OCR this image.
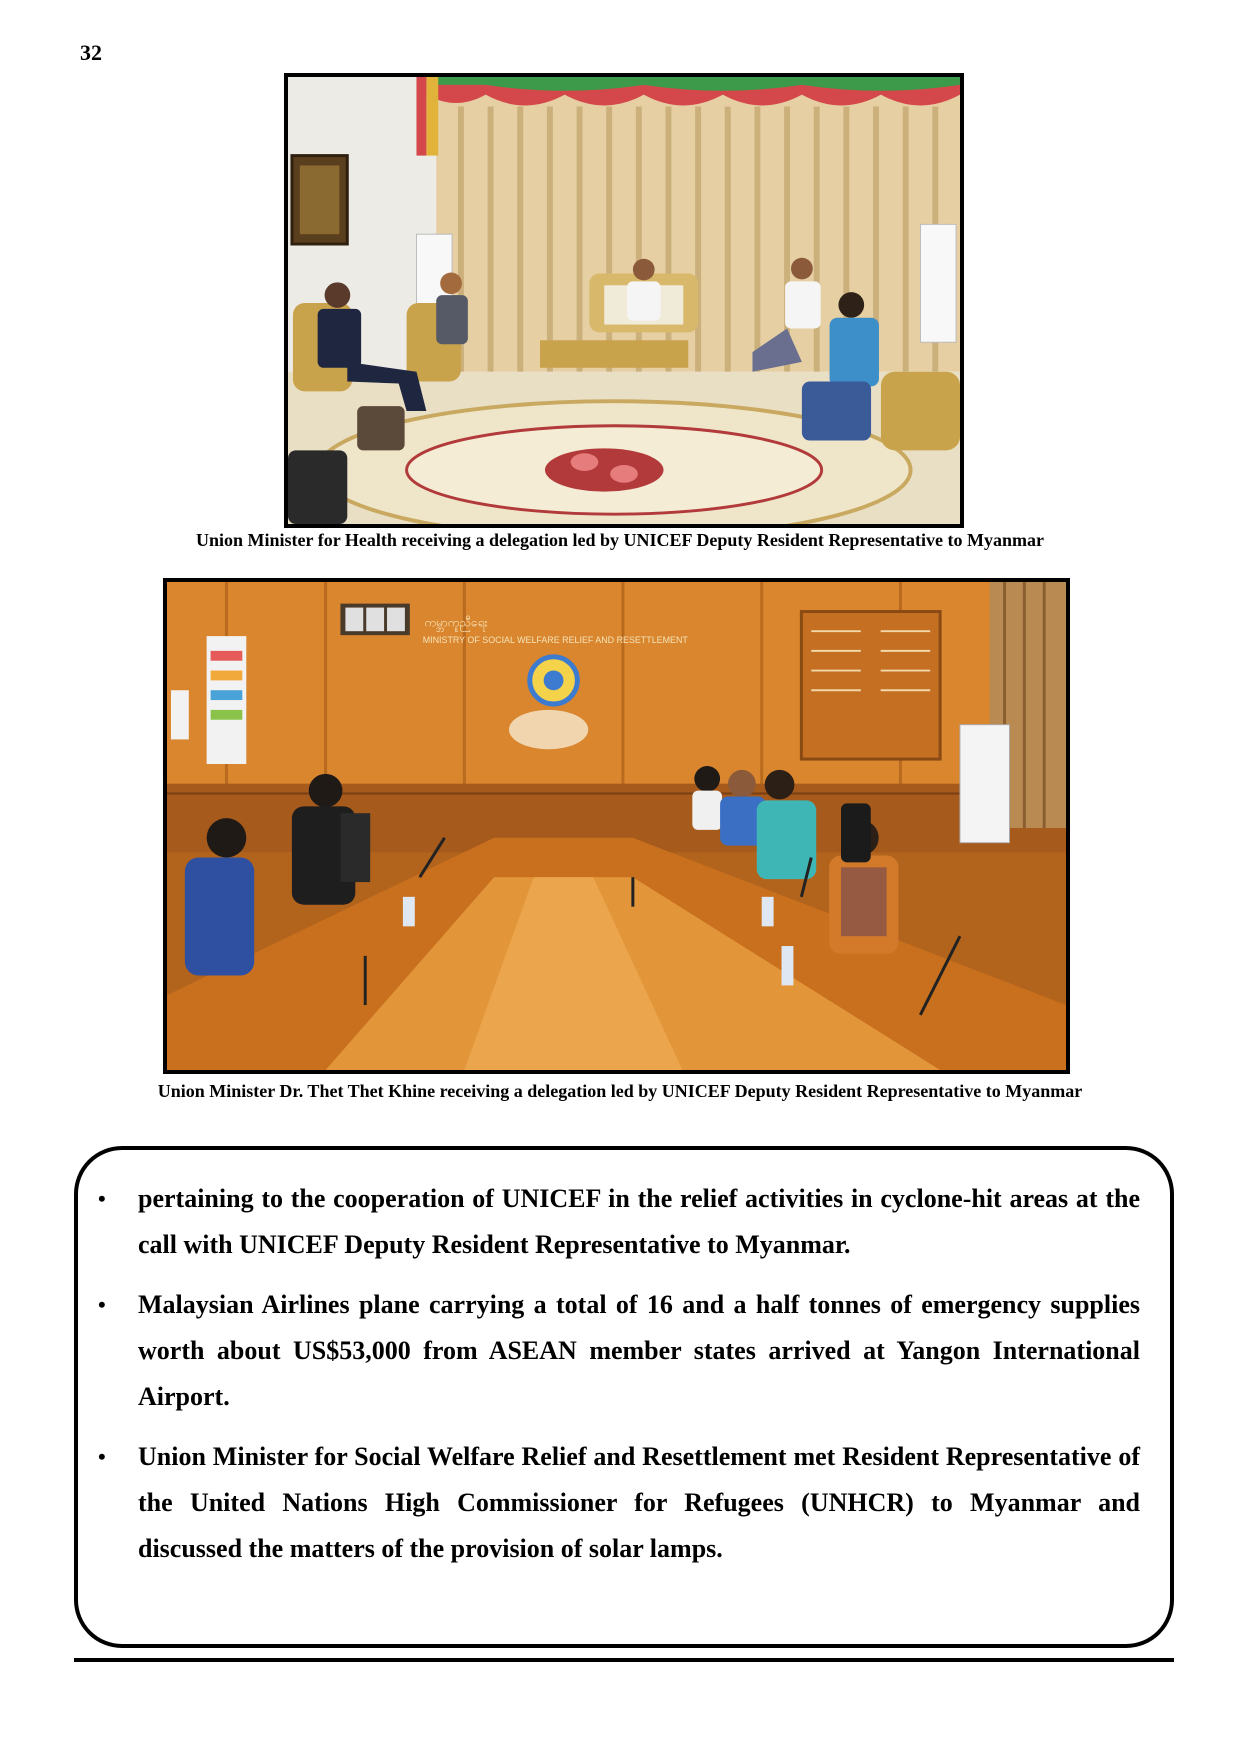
32
Union Minister for Health receiving a delegation led by UNICEF Deputy Resident Representative to Myanmar
ကမ္ဘာကူညီရေး
MINISTRY OF SOCIAL WELFARE RELIEF AND RESETTLEMENT
Union Minister Dr. Thet Thet Khine receiving a delegation led by UNICEF Deputy Resident Representative to Myanmar
• pertaining to the cooperation of UNICEF in the relief activities in cyclone-hit areas at the call with UNICEF Deputy Resident Representative to Myanmar.
• Malaysian Airlines plane carrying a total of 16 and a half tonnes of emergency supplies worth about US$53,000 from ASEAN member states arrived at Yangon International Airport.
• Union Minister for Social Welfare Relief and Resettlement met Resident Representative of the United Nations High Commissioner for Refugees (UNHCR) to Myanmar and discussed the matters of the provision of solar lamps.
